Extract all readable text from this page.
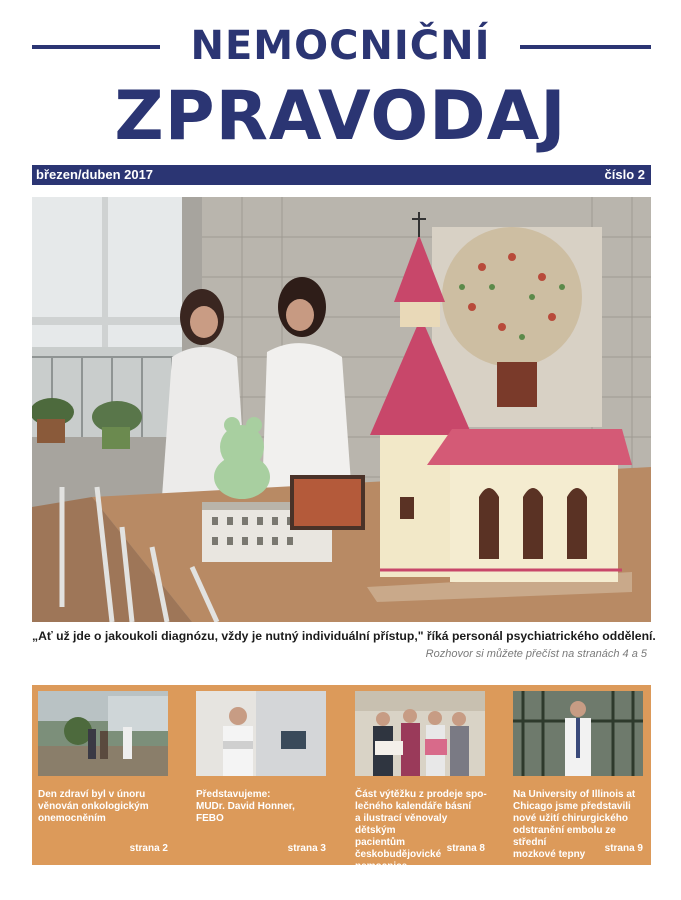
NEMOCNIČNÍ
ZPRAVODAJ
březen/duben 2017	číslo 2
„Ať už jde o jakoukoli diagnózu, vždy je nutný individuální přístup," říká personál psychiatrického oddělení.
Rozhovor si můžete přečíst na stranách 4 a 5
Den zdraví byl v únoru
věnován onkologickým
onemocněním
strana 2
Představujeme:
MUDr. David Honner,
FEBO
strana 3
Část výtěžku z prodeje spo-
lečného kalendáře básní
a ilustrací věnovaly dětským
pacientům českobudějovické
nemocnice
strana 8
Na University of Illinois at
Chicago jsme představili
nové užití chirurgického
odstranění embolu ze střední
mozkové tepny
strana 9
